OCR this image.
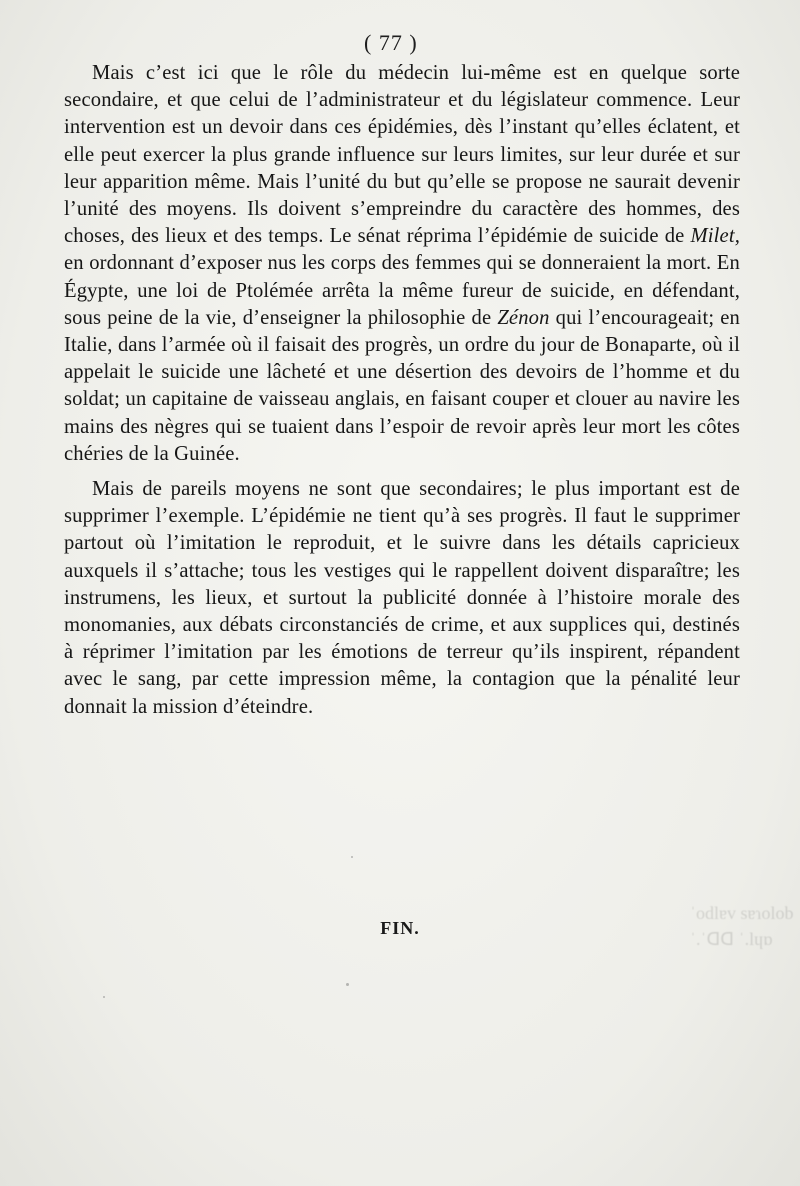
ˈodlɐv sɐɿolob
ˈ.ˈꓷꓷ ˈ.lɥɒ
( 77 )

Mais c’est ici que le rôle du médecin lui-même est en quelque sorte secondaire, et que celui de l’administrateur et du législateur commence. Leur intervention est un devoir dans ces épidémies, dès l’instant qu’elles éclatent, et elle peut exercer la plus grande influence sur leurs limites, sur leur durée et sur leur apparition même. Mais l’unité du but qu’elle se propose ne saurait devenir l’unité des moyens. Ils doivent s’empreindre du caractère des hommes, des choses, des lieux et des temps. Le sénat réprima l’épidémie de suicide de Milet, en ordonnant d’exposer nus les corps des femmes qui se donneraient la mort. En Égypte, une loi de Ptolémée arrêta la même fureur de suicide, en défendant, sous peine de la vie, d’enseigner la philosophie de Zénon qui l’encourageait; en Italie, dans l’armée où il faisait des progrès, un ordre du jour de Bonaparte, où il appelait le suicide une lâcheté et une désertion des devoirs de l’homme et du soldat; un capitaine de vaisseau anglais, en faisant couper et clouer au navire les mains des nègres qui se tuaient dans l’espoir de revoir après leur mort les côtes chéries de la Guinée.

Mais de pareils moyens ne sont que secondaires; le plus important est de supprimer l’exemple. L’épidémie ne tient qu’à ses progrès. Il faut le supprimer partout où l’imitation le reproduit, et le suivre dans les détails capricieux auxquels il s’attache; tous les vestiges qui le rappellent doivent disparaître; les instrumens, les lieux, et surtout la publicité donnée à l’histoire morale des monomanies, aux débats circonstanciés de crime, et aux supplices qui, destinés à réprimer l’imitation par les émotions de terreur qu’ils inspirent, répandent avec le sang, par cette impression même, la contagion que la pénalité leur donnait la mission d’éteindre.

FIN.
